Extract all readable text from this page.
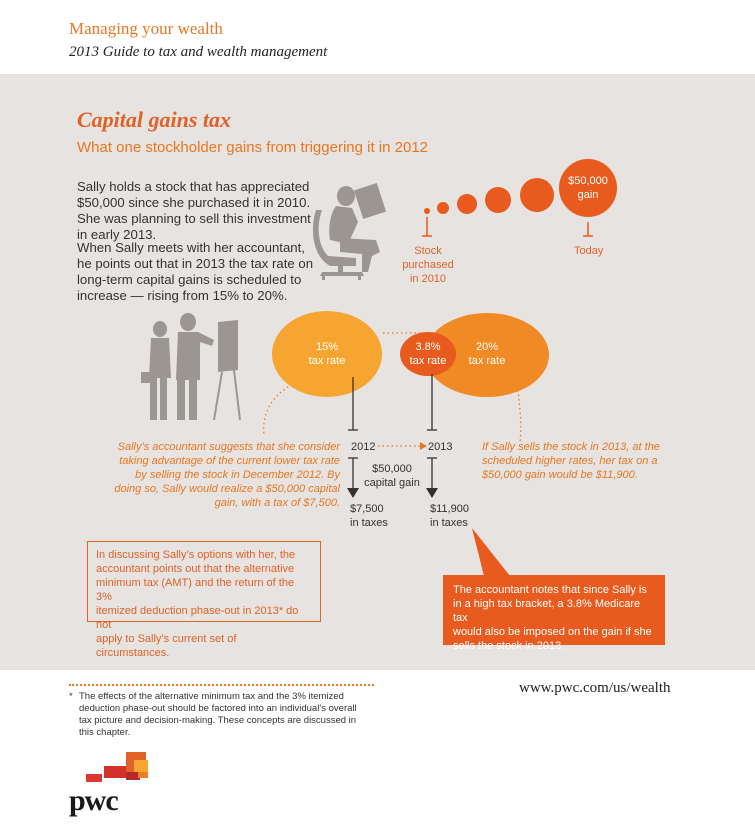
Managing your wealth
2013 Guide to tax and wealth management
Capital gains tax
What one stockholder gains from triggering it in 2012

Sally holds a stock that has appreciated $50,000 since she purchased it in 2010. She was planning to sell this investment in early 2013.

When Sally meets with her accountant, he points out that in 2013 the tax rate on long-term capital gains is scheduled to increase — rising from 15% to 20%.

$50,000
gain
Stock
purchased
in 2010
Today
15%
tax rate
3.8%
tax rate
20%
tax rate
2012	2013
$50,000
capital gain
$7,500
in taxes
$11,900
in taxes
Sally’s accountant suggests that she consider
taking advantage of the current lower tax rate
by selling the stock in December 2012. By
doing so, Sally would realize a $50,000 capital
gain, with a tax of $7,500.
If Sally sells the stock in 2013, at the
scheduled higher rates, her tax on a
$50,000 gain would be $11,900.
In discussing Sally’s options with her, the
accountant points out that the alternative
minimum tax (AMT) and the return of the 3%
itemized deduction phase-out in 2013* do not
apply to Sally’s current set of circumstances.
The accountant notes that since Sally is
in a high tax bracket, a 3.8% Medicare tax
would also be imposed on the gain if she
sells the stock in 2013.
* The effects of the alternative minimum tax and the 3% itemized deduction phase-out should be factored into an individual’s overall tax picture and decision-making. These concepts are discussed in this chapter.

www.pwc.com/us/wealth
pwc
